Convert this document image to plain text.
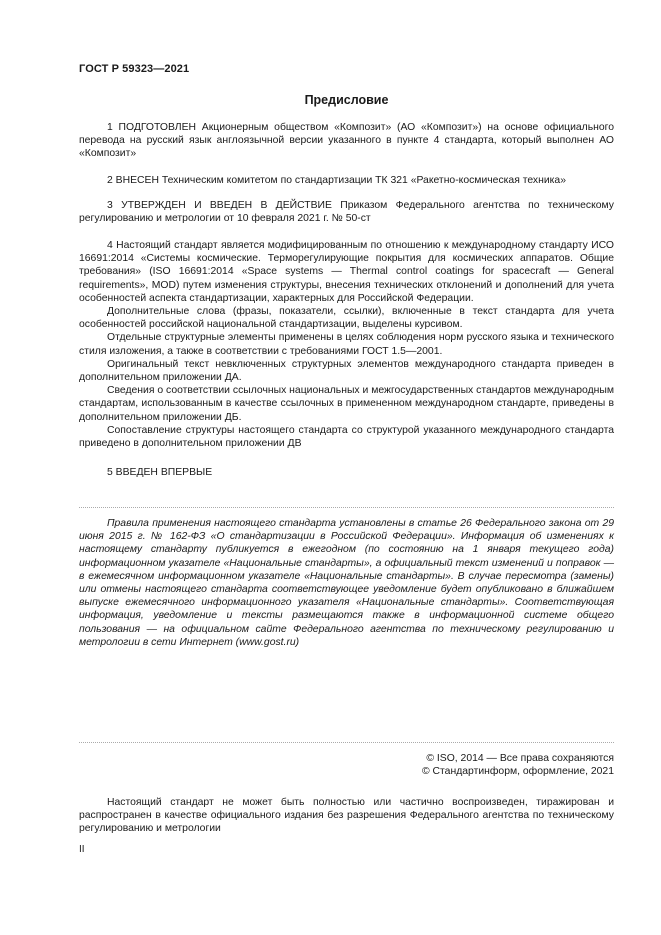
ГОСТ Р 59323—2021
Предисловие

1 ПОДГОТОВЛЕН Акционерным обществом «Композит» (АО «Композит») на основе официального перевода на русский язык англоязычной версии указанного в пункте 4 стандарта, который выполнен АО «Композит»

2 ВНЕСЕН Техническим комитетом по стандартизации ТК 321 «Ракетно-космическая техника»

3 УТВЕРЖДЕН И ВВЕДЕН В ДЕЙСТВИЕ Приказом Федерального агентства по техническому регулированию и метрологии от 10 февраля 2021 г. № 50-ст

4 Настоящий стандарт является модифицированным по отношению к международному стандарту ИСО 16691:2014 «Системы космические. Терморегулирующие покрытия для космических аппаратов. Общие требования» (ISO 16691:2014 «Space systems — Thermal control coatings for spacecraft — General requirements», MOD) путем изменения структуры, внесения технических отклонений и дополнений для учета особенностей аспекта стандартизации, характерных для Российской Федерации.

Дополнительные слова (фразы, показатели, ссылки), включенные в текст стандарта для учета особенностей российской национальной стандартизации, выделены курсивом.

Отдельные структурные элементы применены в целях соблюдения норм русского языка и технического стиля изложения, а также в соответствии с требованиями ГОСТ 1.5—2001.

Оригинальный текст невключенных структурных элементов международного стандарта приведен в дополнительном приложении ДА.

Сведения о соответствии ссылочных национальных и межгосударственных стандартов международным стандартам, использованным в качестве ссылочных в примененном международном стандарте, приведены в дополнительном приложении ДБ.

Сопоставление структуры настоящего стандарта со структурой указанного международного стандарта приведено в дополнительном приложении ДВ

5 ВВЕДЕН ВПЕРВЫЕ

Правила применения настоящего стандарта установлены в статье 26 Федерального закона от 29 июня 2015 г. № 162-ФЗ «О стандартизации в Российской Федерации». Информация об изменениях к настоящему стандарту публикуется в ежегодном (по состоянию на 1 января текущего года) информационном указателе «Национальные стандарты», а официальный текст изменений и поправок — в ежемесячном информационном указателе «Национальные стандарты». В случае пересмотра (замены) или отмены настоящего стандарта соответствующее уведомление будет опубликовано в ближайшем выпуске ежемесячного информационного указателя «Национальные стандарты». Соответствующая информация, уведомление и тексты размещаются также в информационной системе общего пользования — на официальном сайте Федерального агентства по техническому регулированию и метрологии в сети Интернет (www.gost.ru)

© ISO, 2014 — Все права сохраняются

© Стандартинформ, оформление, 2021

Настоящий стандарт не может быть полностью или частично воспроизведен, тиражирован и распространен в качестве официального издания без разрешения Федерального агентства по техническому регулированию и метрологии

II
